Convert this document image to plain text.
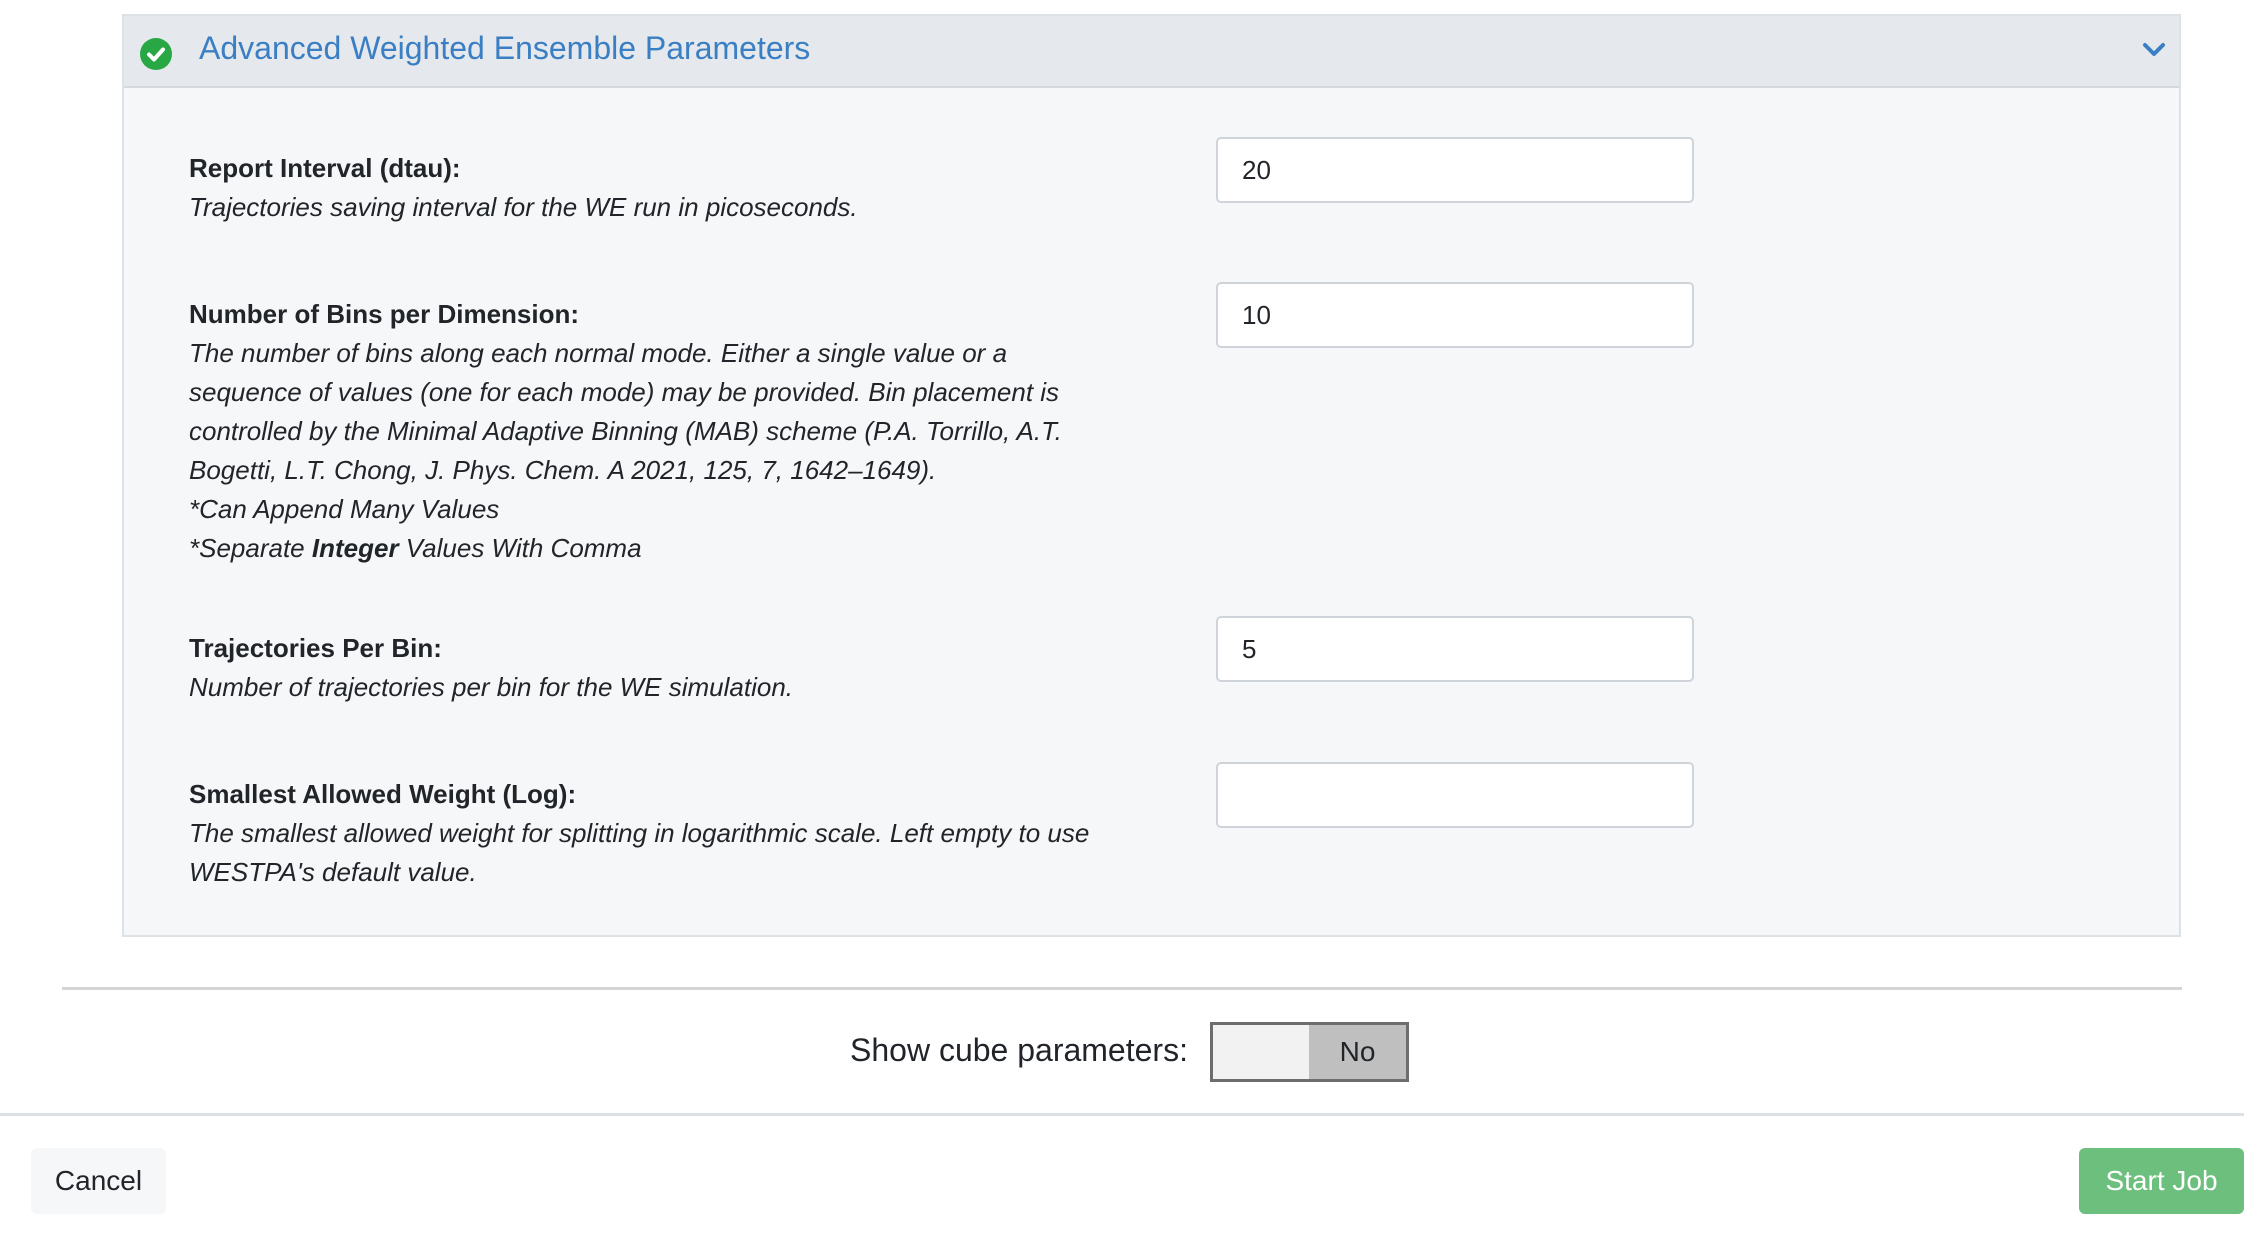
Advanced Weighted Ensemble Parameters
Report Interval (dtau):
Trajectories saving interval for the WE run in picoseconds.
20
Number of Bins per Dimension:
The number of bins along each normal mode. Either a single value or a
sequence of values (one for each mode) may be provided. Bin placement is
controlled by the Minimal Adaptive Binning (MAB) scheme (P.A. Torrillo, A.T.
Bogetti, L.T. Chong, J. Phys. Chem. A 2021, 125, 7, 1642–1649).
*Can Append Many Values
*Separate Integer Values With Comma
10
Trajectories Per Bin:
Number of trajectories per bin for the WE simulation.
5
Smallest Allowed Weight (Log):
The smallest allowed weight for splitting in logarithmic scale. Left empty to use
WESTPA's default value.
Show cube parameters:	No
Cancel	Start Job
